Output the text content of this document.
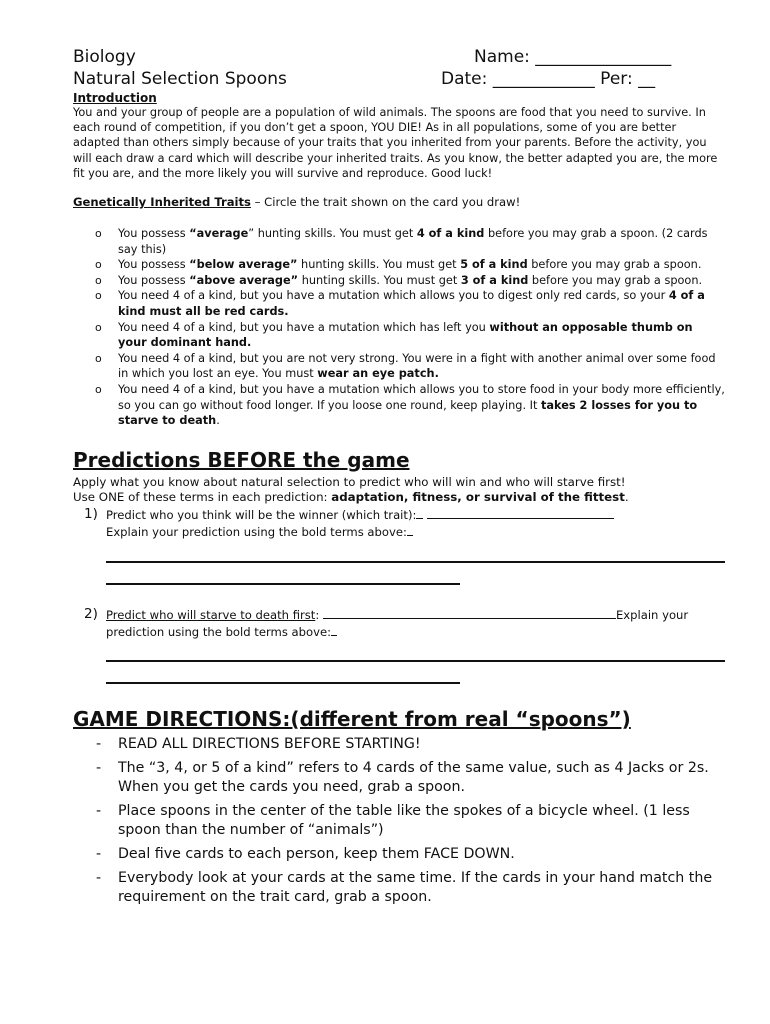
Biology	Name: ________________
Natural Selection Spoons	Date: ____________ Per: __
Introduction

You and your group of people are a population of wild animals. The spoons are food that you need to survive. In each round of competition, if you don’t get a spoon, YOU DIE! As in all populations, some of you are better adapted than others simply because of your traits that you inherited from your parents. Before the activity, you will each draw a card which will describe your inherited traits. As you know, the better adapted you are, the more fit you are, and the more likely you will survive and reproduce. Good luck!

Genetically Inherited Traits – Circle the trait shown on the card you draw!
o You possess “average” hunting skills. You must get 4 of a kind before you may grab a spoon. (2 cards say this)
o You possess “below average” hunting skills. You must get 5 of a kind before you may grab a spoon.
o You possess “above average” hunting skills. You must get 3 of a kind before you may grab a spoon.
o You need 4 of a kind, but you have a mutation which allows you to digest only red cards, so your 4 of a kind must all be red cards.
o You need 4 of a kind, but you have a mutation which has left you without an opposable thumb on your dominant hand.
o You need 4 of a kind, but you are not very strong. You were in a fight with another animal over some food in which you lost an eye. You must wear an eye patch.
o You need 4 of a kind, but you have a mutation which allows you to store food in your body more efficiently, so you can go without food longer. If you loose one round, keep playing. It takes 2 losses for you to starve to death.
Predictions BEFORE the game
Apply what you know about natural selection to predict who will win and who will starve first!
Use ONE of these terms in each prediction: adaptation, fitness, or survival of the fittest.
1) Predict who you think will be the winner (which trait):
Explain your prediction using the bold terms above:
2) Predict who will starve to death first:	Explain your
prediction using the bold terms above:
GAME DIRECTIONS:(different from real “spoons”)
- READ ALL DIRECTIONS BEFORE STARTING!
- The “3, 4, or 5 of a kind” refers to 4 cards of the same value, such as 4 Jacks or 2s. When you get the cards you need, grab a spoon.
- Place spoons in the center of the table like the spokes of a bicycle wheel. (1 less spoon than the number of “animals”)
- Deal five cards to each person, keep them FACE DOWN.
- Everybody look at your cards at the same time. If the cards in your hand match the requirement on the trait card, grab a spoon.
